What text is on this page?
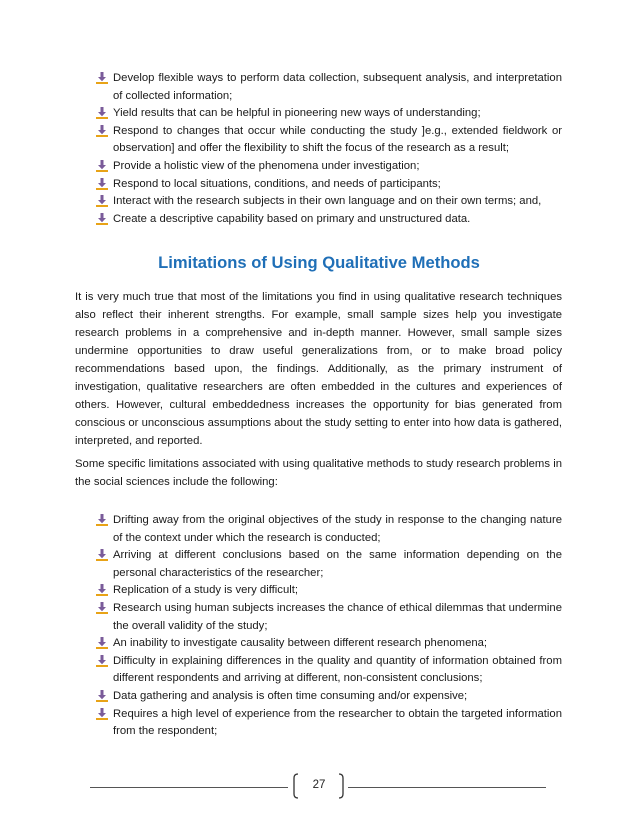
Develop flexible ways to perform data collection, subsequent analysis, and interpretation of collected information;
Yield results that can be helpful in pioneering new ways of understanding;
Respond to changes that occur while conducting the study ]e.g., extended fieldwork or observation] and offer the flexibility to shift the focus of the research as a result;
Provide a holistic view of the phenomena under investigation;
Respond to local situations, conditions, and needs of participants;
Interact with the research subjects in their own language and on their own terms; and,
Create a descriptive capability based on primary and unstructured data.
Limitations of Using Qualitative Methods

It is very much true that most of the limitations you find in using qualitative research techniques also reflect their inherent strengths. For example, small sample sizes help you investigate research problems in a comprehensive and in-depth manner. However, small sample sizes undermine opportunities to draw useful generalizations from, or to make broad policy recommendations based upon, the findings. Additionally, as the primary instrument of investigation, qualitative researchers are often embedded in the cultures and experiences of others. However, cultural embeddedness increases the opportunity for bias generated from conscious or unconscious assumptions about the study setting to enter into how data is gathered, interpreted, and reported.

Some specific limitations associated with using qualitative methods to study research problems in the social sciences include the following:

Drifting away from the original objectives of the study in response to the changing nature of the context under which the research is conducted;
Arriving at different conclusions based on the same information depending on the personal characteristics of the researcher;
Replication of a study is very difficult;
Research using human subjects increases the chance of ethical dilemmas that undermine the overall validity of the study;
An inability to investigate causality between different research phenomena;
Difficulty in explaining differences in the quality and quantity of information obtained from different respondents and arriving at different, non-consistent conclusions;
Data gathering and analysis is often time consuming and/or expensive;
Requires a high level of experience from the researcher to obtain the targeted information from the respondent;
27
